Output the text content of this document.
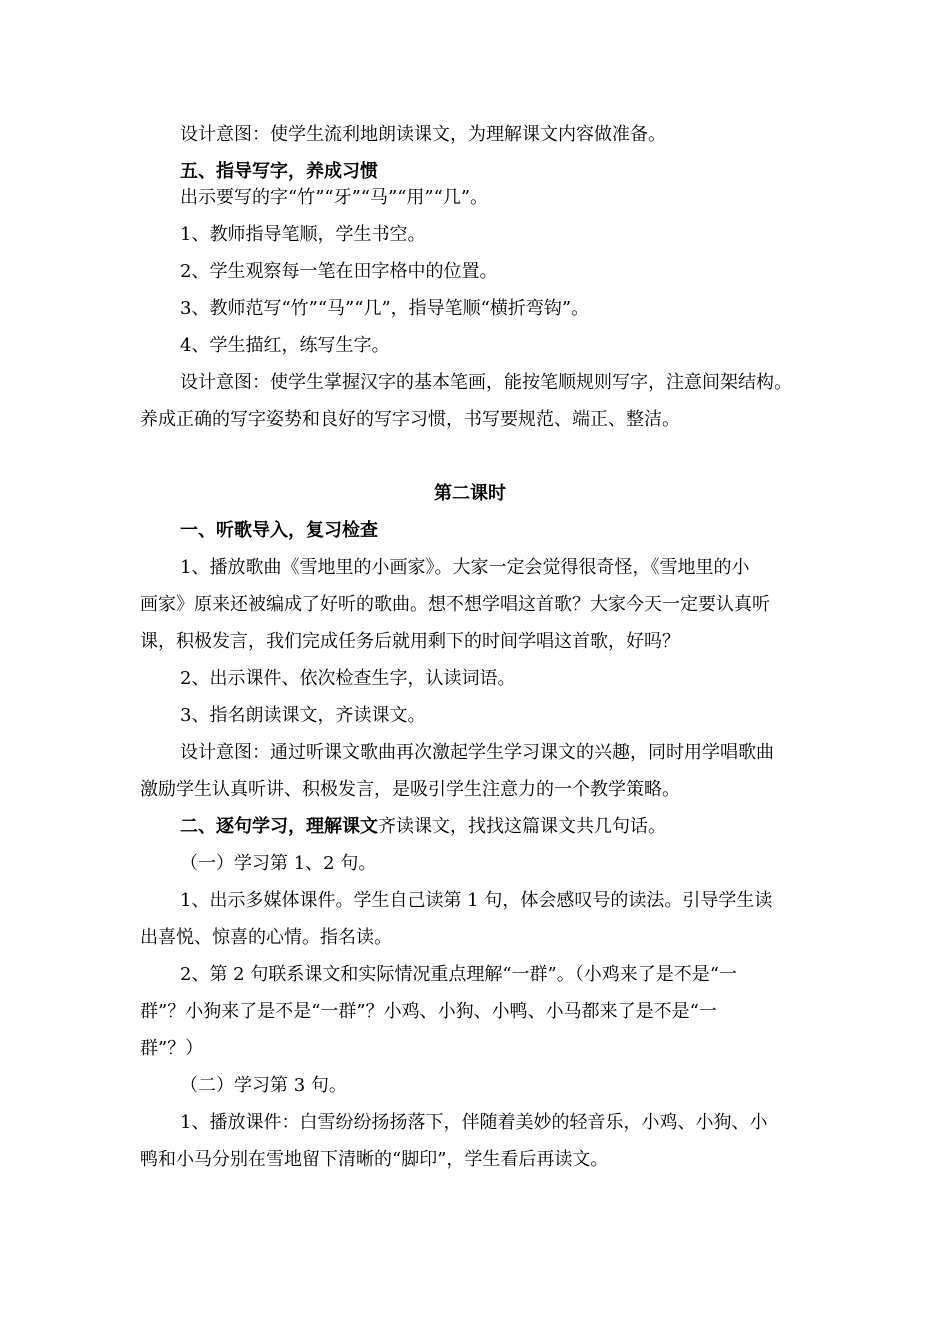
设计意图：使学生流利地朗读课文，为理解课文内容做准备。
五、指导写字，养成习惯
出示要写的字“竹”“牙”“马”“用”“几”。
1、教师指导笔顺，学生书空。
2、学生观察每一笔在田字格中的位置。
3、教师范写“竹”“马”“几”，指导笔顺“横折弯钩”。
4、学生描红，练写生字。
设计意图：使学生掌握汉字的基本笔画，能按笔顺规则写字，注意间架结构。
养成正确的写字姿势和良好的写字习惯，书写要规范、端正、整洁。
第二课时
一、听歌导入，复习检查
1、播放歌曲《雪地里的小画家》。大家一定会觉得很奇怪，《雪地里的小
画家》原来还被编成了好听的歌曲。想不想学唱这首歌？大家今天一定要认真听
课，积极发言，我们完成任务后就用剩下的时间学唱这首歌，好吗？
2、出示课件、依次检查生字，认读词语。
3、指名朗读课文，齐读课文。
设计意图：通过听课文歌曲再次激起学生学习课文的兴趣，同时用学唱歌曲
激励学生认真听讲、积极发言，是吸引学生注意力的一个教学策略。
二、逐句学习，理解课文齐读课文，找找这篇课文共几句话。
（一）学习第 1、2 句。
1、出示多媒体课件。学生自己读第 1 句，体会感叹号的读法。引导学生读
出喜悦、惊喜的心情。指名读。
2、第 2 句联系课文和实际情况重点理解“一群”。（小鸡来了是不是“一
群”？小狗来了是不是“一群”？小鸡、小狗、小鸭、小马都来了是不是“一
群”？）
（二）学习第 3 句。
1、播放课件：白雪纷纷扬扬落下，伴随着美妙的轻音乐，小鸡、小狗、小
鸭和小马分别在雪地留下清晰的“脚印”，学生看后再读文。
